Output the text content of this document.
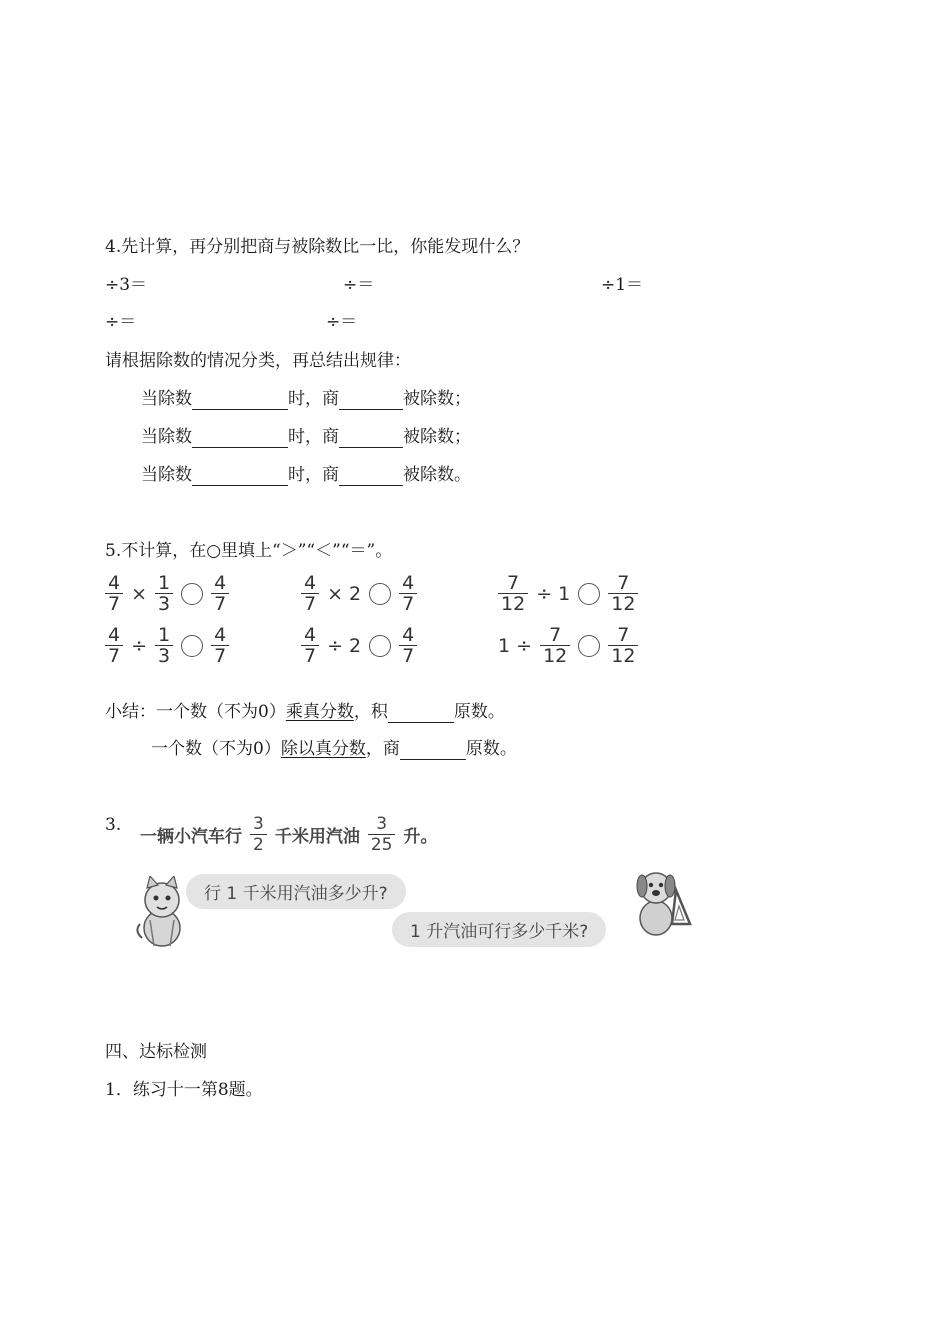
4.先计算，再分别把商与被除数比一比，你能发现什么？
÷3＝	÷＝	÷1＝
÷＝	÷＝
请根据除数的情况分类，再总结出规律：
当除数	时，商	被除数；
当除数	时，商	被除数；
当除数	时，商	被除数。
5.不计算，在○里填上“＞”“＜”“＝”。
$\frac{4}{7} \times \frac{1}{3} \frac{4}{7}$	$\frac{4}{7} \times 2 \frac{4}{7}$	$\frac{7}{12} \div 1 \frac{7}{12}$
$\frac{4}{7} \div \frac{1}{3} \frac{4}{7}$	$\frac{4}{7} \div 2 \frac{4}{7}$	$1 \div \frac{7}{12} \frac{7}{12}$
小结：一个数（不为0）乘真分数，积	原数。
一个数（不为0）除以真分数，商	原数。
3.
一辆小汽车行 $\frac{3}{2}$ 千米用汽油 $\frac{3}{25}$ 升。
行 1 千米用汽油多少升?
1 升汽油可行多少千米?
四、达标检测
1．练习十一第8题。
